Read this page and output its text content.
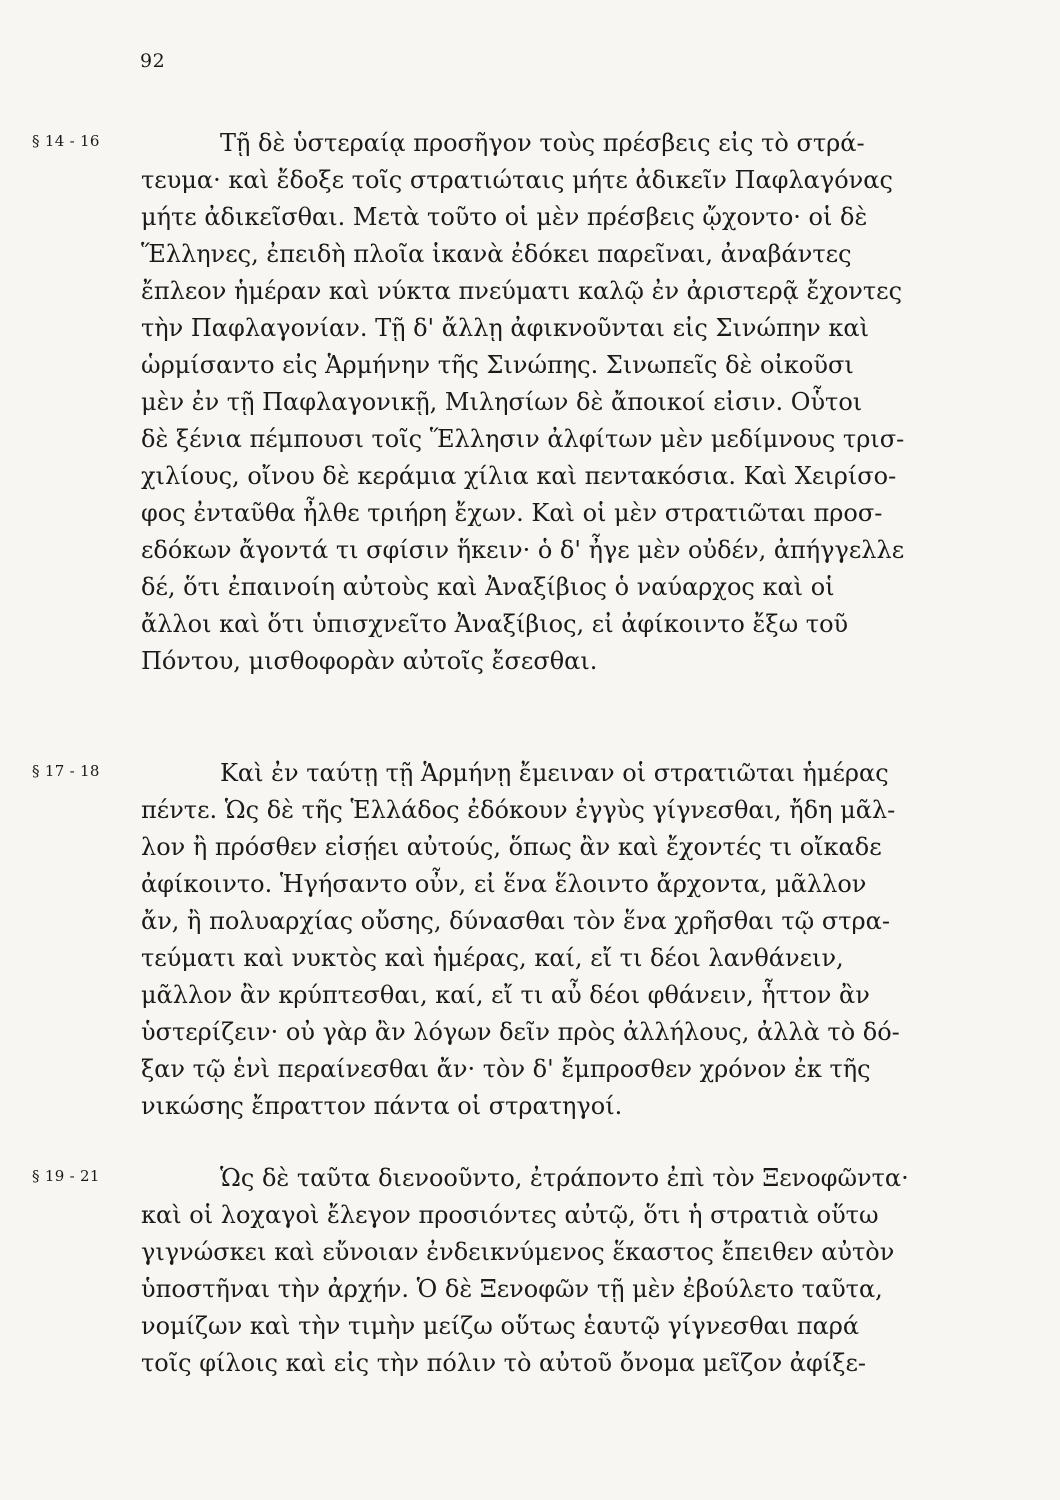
92
§ 14 - 16	Τῇ δὲ ὑστεραίᾳ προσῆγον τοὺς πρέσβεις εἰς τὸ στρά-
τευμα· καὶ ἔδοξε τοῖς στρατιώταις μήτε ἀδικεῖν Παφλαγόνας
μήτε ἀδικεῖσθαι. Μετὰ τοῦτο οἱ μὲν πρέσβεις ᾤχοντο· οἱ δὲ
Ἕλληνες, ἐπειδὴ πλοῖα ἱκανὰ ἐδόκει παρεῖναι, ἀναβάντες
ἔπλεον ἡμέραν καὶ νύκτα πνεύματι καλῷ ἐν ἀριστερᾷ ἔχοντες
τὴν Παφλαγονίαν. Τῇ δ' ἄλλῃ ἀφικνοῦνται εἰς Σινώπην καὶ
ὡρμίσαντο εἰς Ἁρμήνην τῆς Σινώπης. Σινωπεῖς δὲ οἰκοῦσι
μὲν ἐν τῇ Παφλαγονικῇ, Μιλησίων δὲ ἄποικοί εἰσιν. Οὗτοι
δὲ ξένια πέμπουσι τοῖς Ἕλλησιν ἀλφίτων μὲν μεδίμνους τρισ-
χιλίους, οἴνου δὲ κεράμια χίλια καὶ πεντακόσια. Καὶ Χειρίσο-
φος ἐνταῦθα ἦλθε τριήρη ἔχων. Καὶ οἱ μὲν στρατιῶται προσ-
εδόκων ἄγοντά τι σφίσιν ἥκειν· ὁ δ' ἦγε μὲν οὐδέν, ἀπήγγελλε
δέ, ὅτι ἐπαινοίη αὐτοὺς καὶ Ἀναξίβιος ὁ ναύαρχος καὶ οἱ
ἄλλοι καὶ ὅτι ὑπισχνεῖτο Ἀναξίβιος, εἰ ἀφίκοιντο ἔξω τοῦ
Πόντου, μισθοφορὰν αὐτοῖς ἔσεσθαι.
§ 17 - 18	Καὶ ἐν ταύτῃ τῇ Ἁρμήνῃ ἔμειναν οἱ στρατιῶται ἡμέρας
πέντε. Ὡς δὲ τῆς Ἑλλάδος ἐδόκουν ἐγγὺς γίγνεσθαι, ἤδη μᾶλ-
λον ἢ πρόσθεν εἰσῄει αὐτούς, ὅπως ἂν καὶ ἔχοντές τι οἴκαδε
ἀφίκοιντο. Ἡγήσαντο οὖν, εἰ ἕνα ἕλοιντο ἄρχοντα, μᾶλλον
ἄν, ἢ πολυαρχίας οὔσης, δύνασθαι τὸν ἕνα χρῆσθαι τῷ στρα-
τεύματι καὶ νυκτὸς καὶ ἡμέρας, καί, εἴ τι δέοι λανθάνειν,
μᾶλλον ἂν κρύπτεσθαι, καί, εἴ τι αὖ δέοι φθάνειν, ἧττον ἂν
ὑστερίζειν· οὐ γὰρ ἂν λόγων δεῖν πρὸς ἀλλήλους, ἀλλὰ τὸ δό-
ξαν τῷ ἑνὶ περαίνεσθαι ἄν· τὸν δ' ἔμπροσθεν χρόνον ἐκ τῆς
νικώσης ἔπραττον πάντα οἱ στρατηγοί.
§ 19 - 21	Ὡς δὲ ταῦτα διενοοῦντο, ἐτράποντο ἐπὶ τὸν Ξενοφῶντα·
καὶ οἱ λοχαγοὶ ἔλεγον προσιόντες αὐτῷ, ὅτι ἡ στρατιὰ οὕτω
γιγνώσκει καὶ εὔνοιαν ἐνδεικνύμενος ἕκαστος ἔπειθεν αὐτὸν
ὑποστῆναι τὴν ἀρχήν. Ὁ δὲ Ξενοφῶν τῇ μὲν ἐβούλετο ταῦτα,
νομίζων καὶ τὴν τιμὴν μείζω οὕτως ἑαυτῷ γίγνεσθαι παρά
τοῖς φίλοις καὶ εἰς τὴν πόλιν τὸ αὐτοῦ ὄνομα μεῖζον ἀφίξε-
